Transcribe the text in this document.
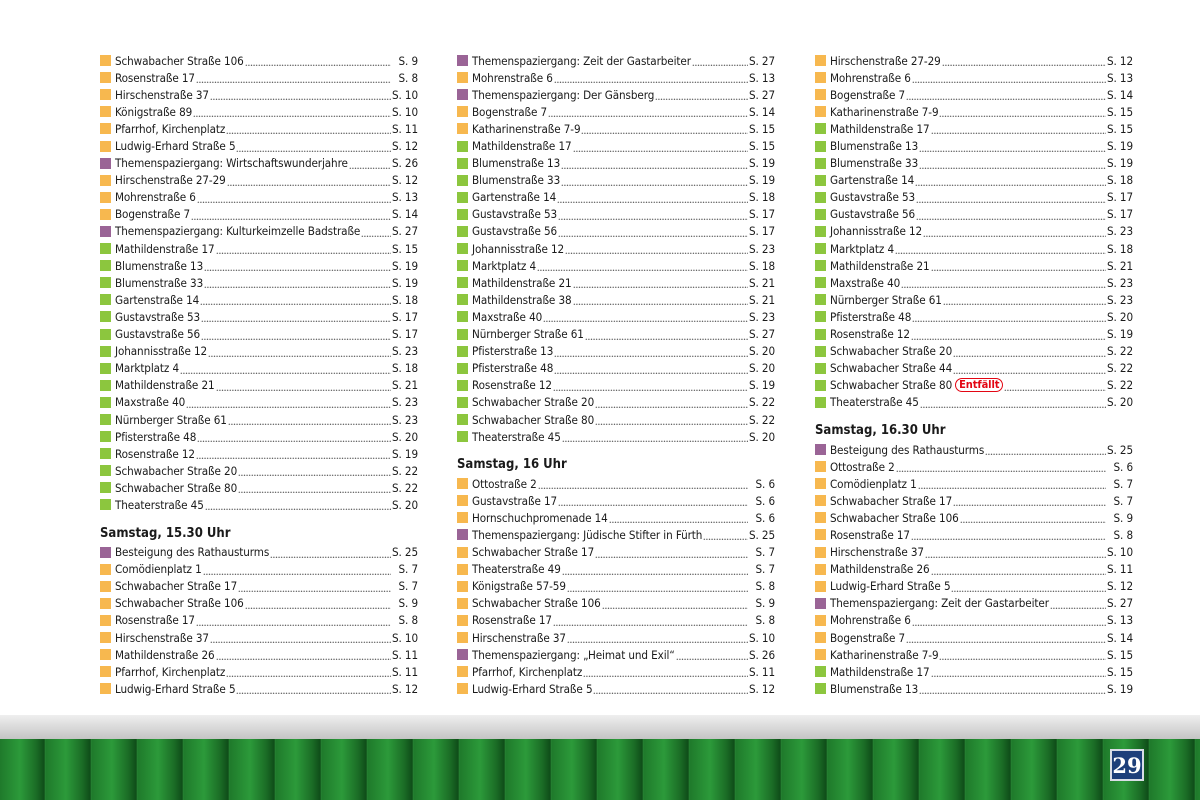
Schwabacher Straße 106	S. 9
Rosenstraße 17	S. 8
Hirschenstraße 37	S. 10
Königstraße 89	S. 10
Pfarrhof, Kirchenplatz	S. 11
Ludwig-Erhard Straße 5	S. 12
Themenspaziergang: Wirtschaftswunderjahre	S. 26
Hirschenstraße 27-29	S. 12
Mohrenstraße 6	S. 13
Bogenstraße 7	S. 14
Themenspaziergang: Kulturkeimzelle Badstraße	S. 27
Mathildenstraße 17	S. 15
Blumenstraße 13	S. 19
Blumenstraße 33	S. 19
Gartenstraße 14	S. 18
Gustavstraße 53	S. 17
Gustavstraße 56	S. 17
Johannisstraße 12	S. 23
Marktplatz 4	S. 18
Mathildenstraße 21	S. 21
Maxstraße 40	S. 23
Nürnberger Straße 61	S. 23
Pfisterstraße 48	S. 20
Rosenstraße 12	S. 19
Schwabacher Straße 20	S. 22
Schwabacher Straße 80	S. 22
Theaterstraße 45	S. 20
Samstag, 15.30 Uhr
Besteigung des Rathausturms	S. 25
Comödienplatz 1	S. 7
Schwabacher Straße 17	S. 7
Schwabacher Straße 106	S. 9
Rosenstraße 17	S. 8
Hirschenstraße 37	S. 10
Mathildenstraße 26	S. 11
Pfarrhof, Kirchenplatz	S. 11
Ludwig-Erhard Straße 5	S. 12
Themenspaziergang: Zeit der Gastarbeiter	S. 27
Mohrenstraße 6	S. 13
Themenspaziergang: Der Gänsberg	S. 27
Bogenstraße 7	S. 14
Katharinenstraße 7-9	S. 15
Mathildenstraße 17	S. 15
Blumenstraße 13	S. 19
Blumenstraße 33	S. 19
Gartenstraße 14	S. 18
Gustavstraße 53	S. 17
Gustavstraße 56	S. 17
Johannisstraße 12	S. 23
Marktplatz 4	S. 18
Mathildenstraße 21	S. 21
Mathildenstraße 38	S. 21
Maxstraße 40	S. 23
Nürnberger Straße 61	S. 27
Pfisterstraße 13	S. 20
Pfisterstraße 48	S. 20
Rosenstraße 12	S. 19
Schwabacher Straße 20	S. 22
Schwabacher Straße 80	S. 22
Theaterstraße 45	S. 20
Samstag, 16 Uhr
Ottostraße 2	S. 6
Gustavstraße 17	S. 6
Hornschuchpromenade 14	S. 6
Themenspaziergang: Jüdische Stifter in Fürth	S. 25
Schwabacher Straße 17	S. 7
Theaterstraße 49	S. 7
Königstraße 57-59	S. 8
Schwabacher Straße 106	S. 9
Rosenstraße 17	S. 8
Hirschenstraße 37	S. 10
Themenspaziergang: „Heimat und Exil“	S. 26
Pfarrhof, Kirchenplatz	S. 11
Ludwig-Erhard Straße 5	S. 12
Hirschenstraße 27-29	S. 12
Mohrenstraße 6	S. 13
Bogenstraße 7	S. 14
Katharinenstraße 7-9	S. 15
Mathildenstraße 17	S. 15
Blumenstraße 13	S. 19
Blumenstraße 33	S. 19
Gartenstraße 14	S. 18
Gustavstraße 53	S. 17
Gustavstraße 56	S. 17
Johannisstraße 12	S. 23
Marktplatz 4	S. 18
Mathildenstraße 21	S. 21
Maxstraße 40	S. 23
Nürnberger Straße 61	S. 23
Pfisterstraße 48	S. 20
Rosenstraße 12	S. 19
Schwabacher Straße 20	S. 22
Schwabacher Straße 44	S. 22
Schwabacher Straße 80 Entfällt	S. 22
Theaterstraße 45	S. 20
Samstag, 16.30 Uhr
Besteigung des Rathausturms	S. 25
Ottostraße 2	S. 6
Comödienplatz 1	S. 7
Schwabacher Straße 17	S. 7
Schwabacher Straße 106	S. 9
Rosenstraße 17	S. 8
Hirschenstraße 37	S. 10
Mathildenstraße 26	S. 11
Ludwig-Erhard Straße 5	S. 12
Themenspaziergang: Zeit der Gastarbeiter	S. 27
Mohrenstraße 6	S. 13
Bogenstraße 7	S. 14
Katharinenstraße 7-9	S. 15
Mathildenstraße 17	S. 15
Blumenstraße 13	S. 19
29
